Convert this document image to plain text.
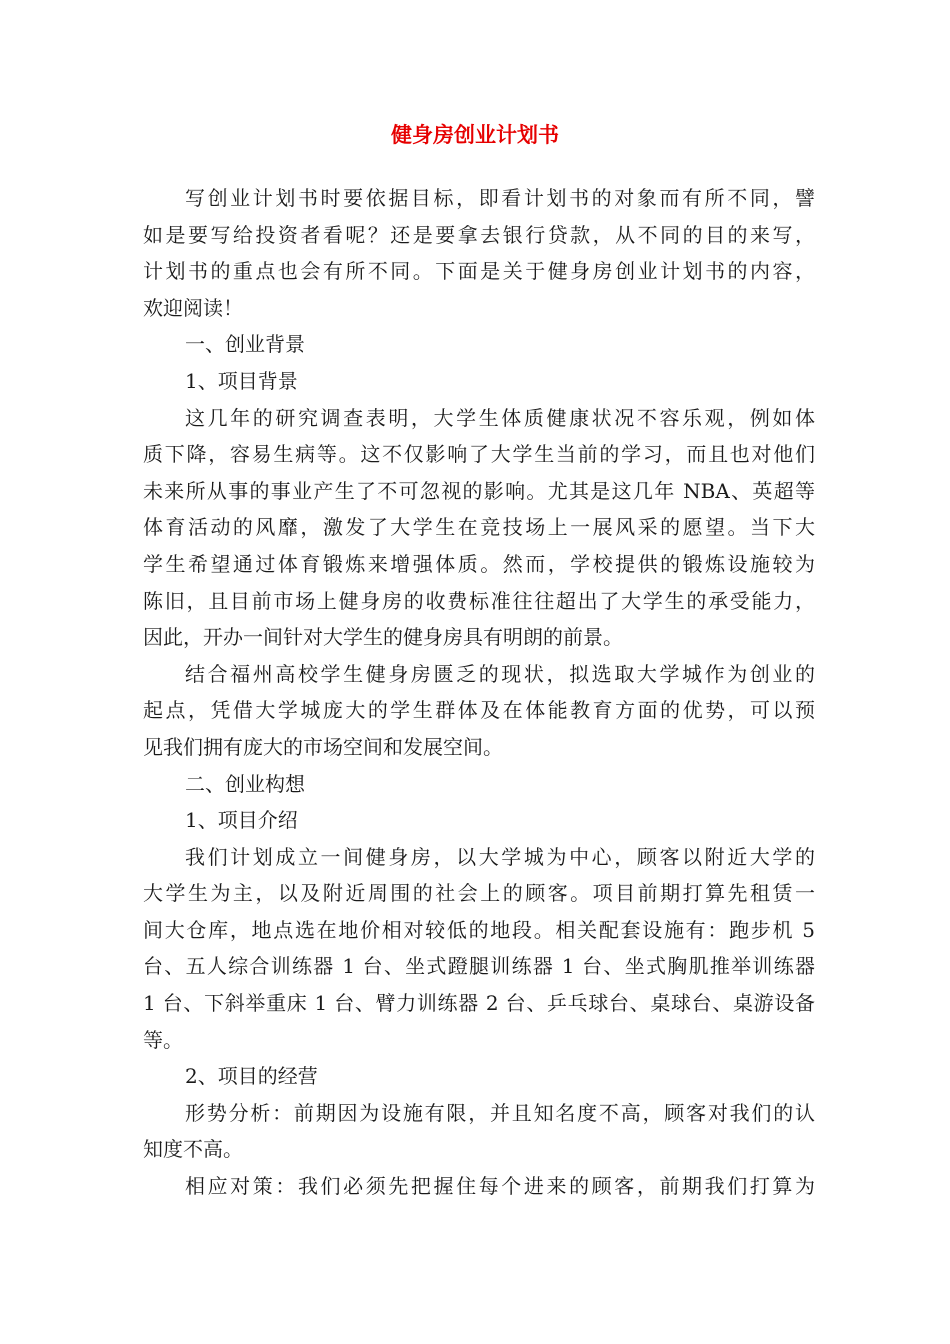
健身房创业计划书
写创业计划书时要依据目标，即看计划书的对象而有所不同，譬
如是要写给投资者看呢？还是要拿去银行贷款，从不同的目的来写，
计划书的重点也会有所不同。下面是关于健身房创业计划书的内容，
欢迎阅读！
一、创业背景
1、项目背景
这几年的研究调查表明，大学生体质健康状况不容乐观，例如体
质下降，容易生病等。这不仅影响了大学生当前的学习，而且也对他们
未来所从事的事业产生了不可忽视的影响。尤其是这几年 NBA、英超等
体育活动的风靡，激发了大学生在竞技场上一展风采的愿望。当下大
学生希望通过体育锻炼来增强体质。然而，学校提供的锻炼设施较为
陈旧，且目前市场上健身房的收费标准往往超出了大学生的承受能力，
因此，开办一间针对大学生的健身房具有明朗的前景。
结合福州高校学生健身房匮乏的现状，拟选取大学城作为创业的
起点，凭借大学城庞大的学生群体及在体能教育方面的优势，可以预
见我们拥有庞大的市场空间和发展空间。
二、创业构想
1、项目介绍
我们计划成立一间健身房，以大学城为中心，顾客以附近大学的
大学生为主，以及附近周围的社会上的顾客。项目前期打算先租赁一
间大仓库，地点选在地价相对较低的地段。相关配套设施有：跑步机 5
台、五人综合训练器 1 台、坐式蹬腿训练器 1 台、坐式胸肌推举训练器
1 台、下斜举重床 1 台、臂力训练器 2 台、乒乓球台、桌球台、桌游设备
等。
2、项目的经营
形势分析：前期因为设施有限，并且知名度不高，顾客对我们的认
知度不高。
相应对策：我们必须先把握住每个进来的顾客，前期我们打算为
